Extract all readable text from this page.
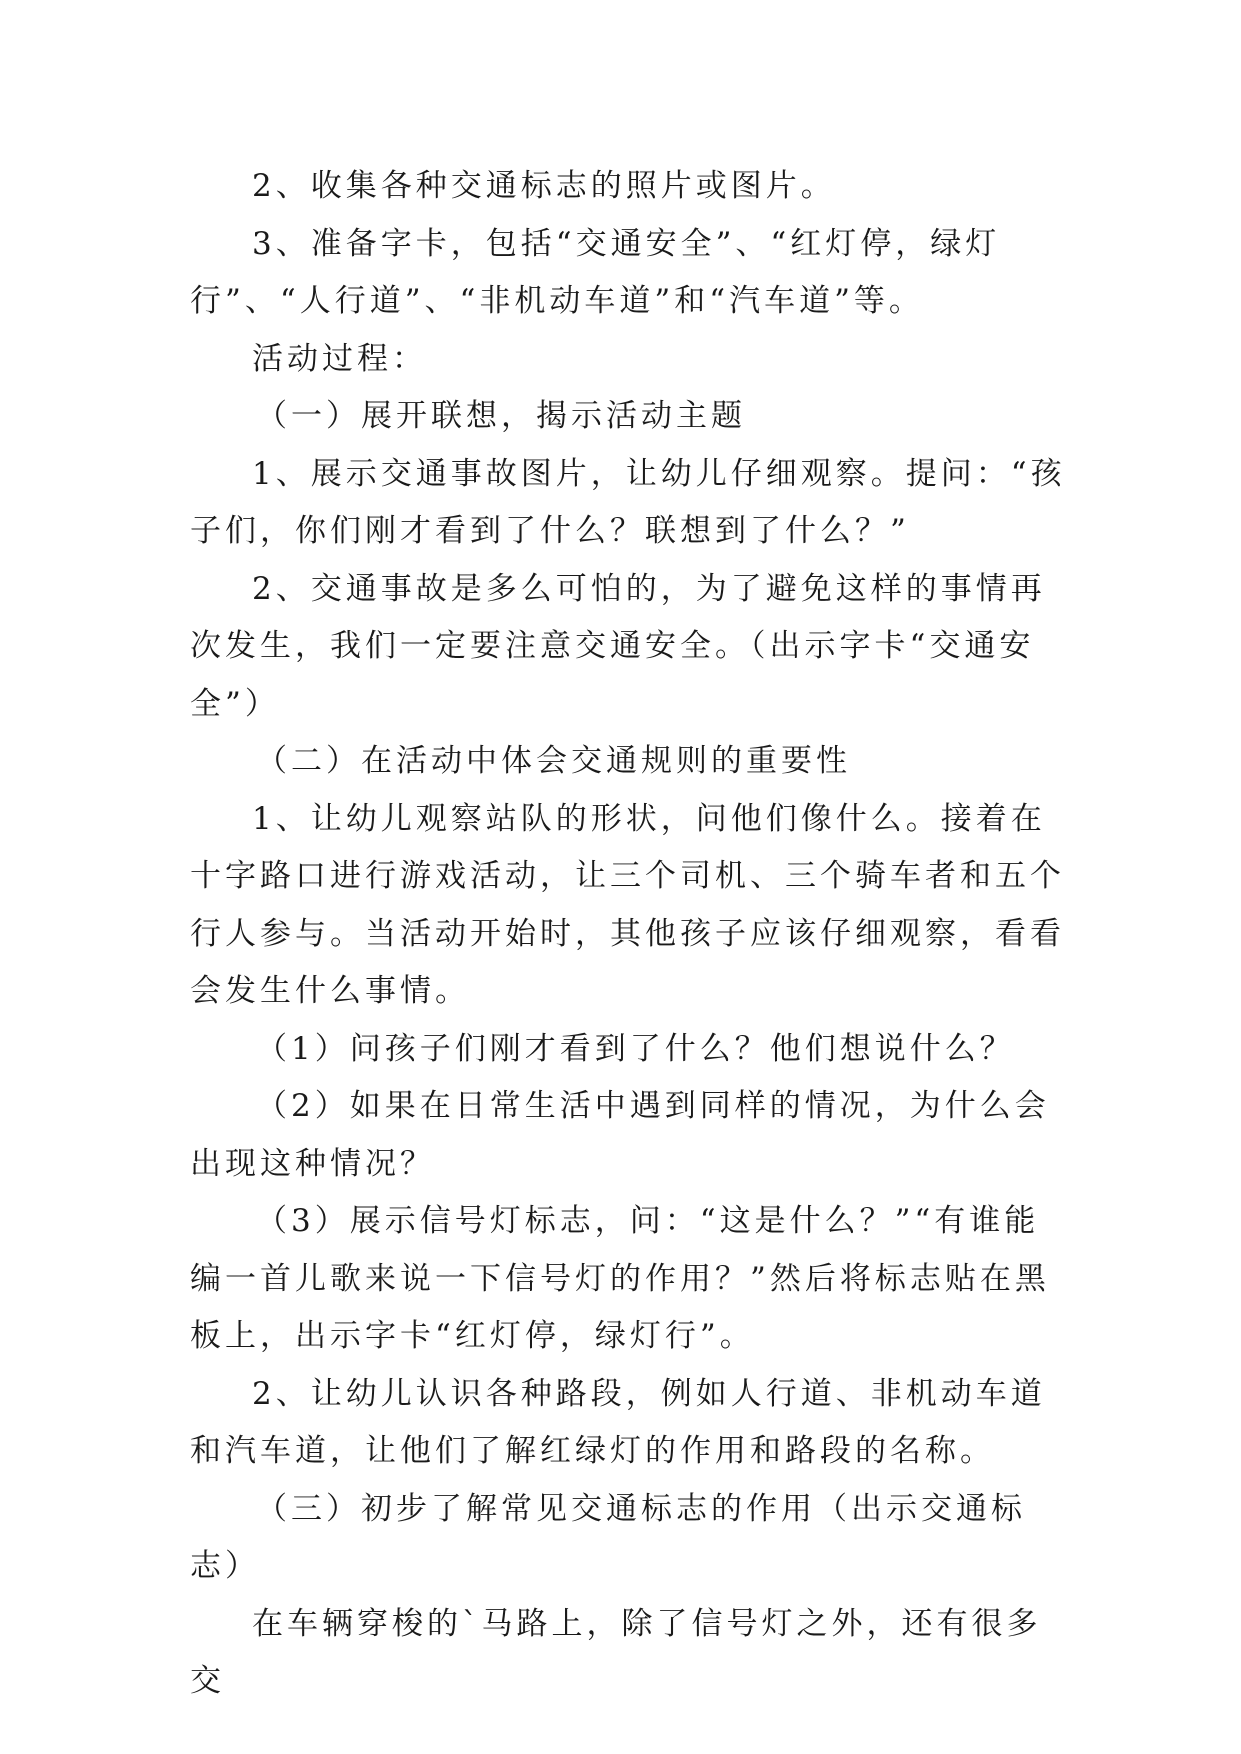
2、收集各种交通标志的照片或图片。

3、准备字卡，包括“交通安全”、“红灯停，绿灯行”、“人行道”、“非机动车道”和“汽车道”等。

活动过程：

（一）展开联想，揭示活动主题

1、展示交通事故图片，让幼儿仔细观察。提问：“孩子们，你们刚才看到了什么？联想到了什么？”

2、交通事故是多么可怕的，为了避免这样的事情再次发生，我们一定要注意交通安全。（出示字卡“交通安全”）

（二）在活动中体会交通规则的重要性

1、让幼儿观察站队的形状，问他们像什么。接着在十字路口进行游戏活动，让三个司机、三个骑车者和五个行人参与。当活动开始时，其他孩子应该仔细观察，看看会发生什么事情。

（1）问孩子们刚才看到了什么？他们想说什么？

（2）如果在日常生活中遇到同样的情况，为什么会出现这种情况？

（3）展示信号灯标志，问：“这是什么？”“有谁能编一首儿歌来说一下信号灯的作用？”然后将标志贴在黑板上，出示字卡“红灯停，绿灯行”。

2、让幼儿认识各种路段，例如人行道、非机动车道和汽车道，让他们了解红绿灯的作用和路段的名称。

（三）初步了解常见交通标志的作用（出示交通标志）

在车辆穿梭的`马路上，除了信号灯之外，还有很多交
